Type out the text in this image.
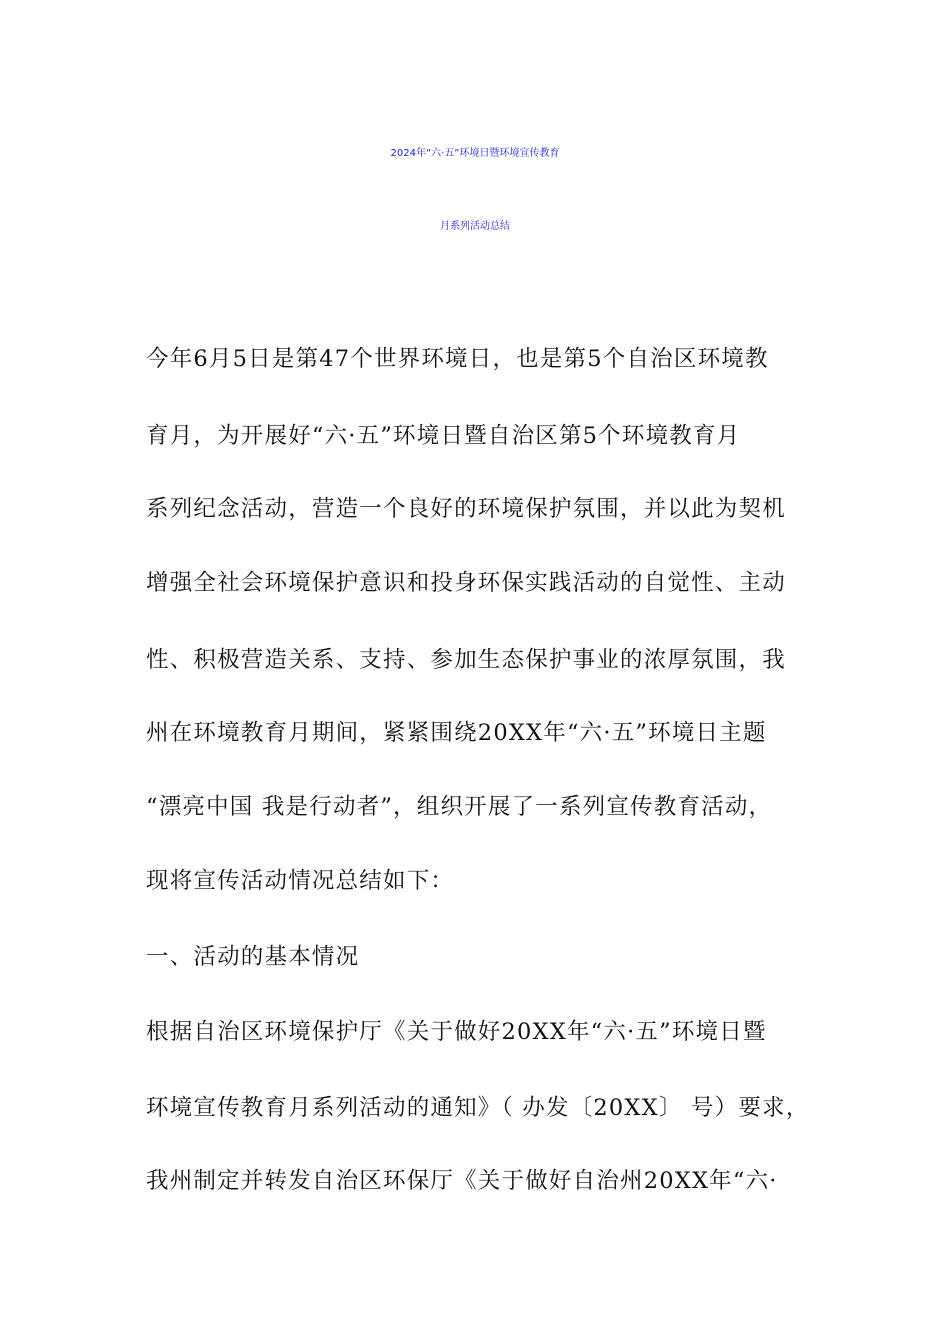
2024年“六·五”环境日暨环境宣传教育
月系列活动总结
今年6月5日是第47个世界环境日，也是第5个自治区环境教
育月，为开展好“六·五”环境日暨自治区第5个环境教育月
系列纪念活动，营造一个良好的环境保护氛围，并以此为契机
增强全社会环境保护意识和投身环保实践活动的自觉性、主动
性、积极营造关系、支持、参加生态保护事业的浓厚氛围，我
州在环境教育月期间，紧紧围绕20XX年“六·五”环境日主题
“漂亮中国 我是行动者”，组织开展了一系列宣传教育活动，
现将宣传活动情况总结如下：
一、活动的基本情况
根据自治区环境保护厅《关于做好20XX年“六·五”环境日暨
环境宣传教育月系列活动的通知》（ 办发〔20XX〕 号）要求，
我州制定并转发自治区环保厅《关于做好自治州20XX年“六·
